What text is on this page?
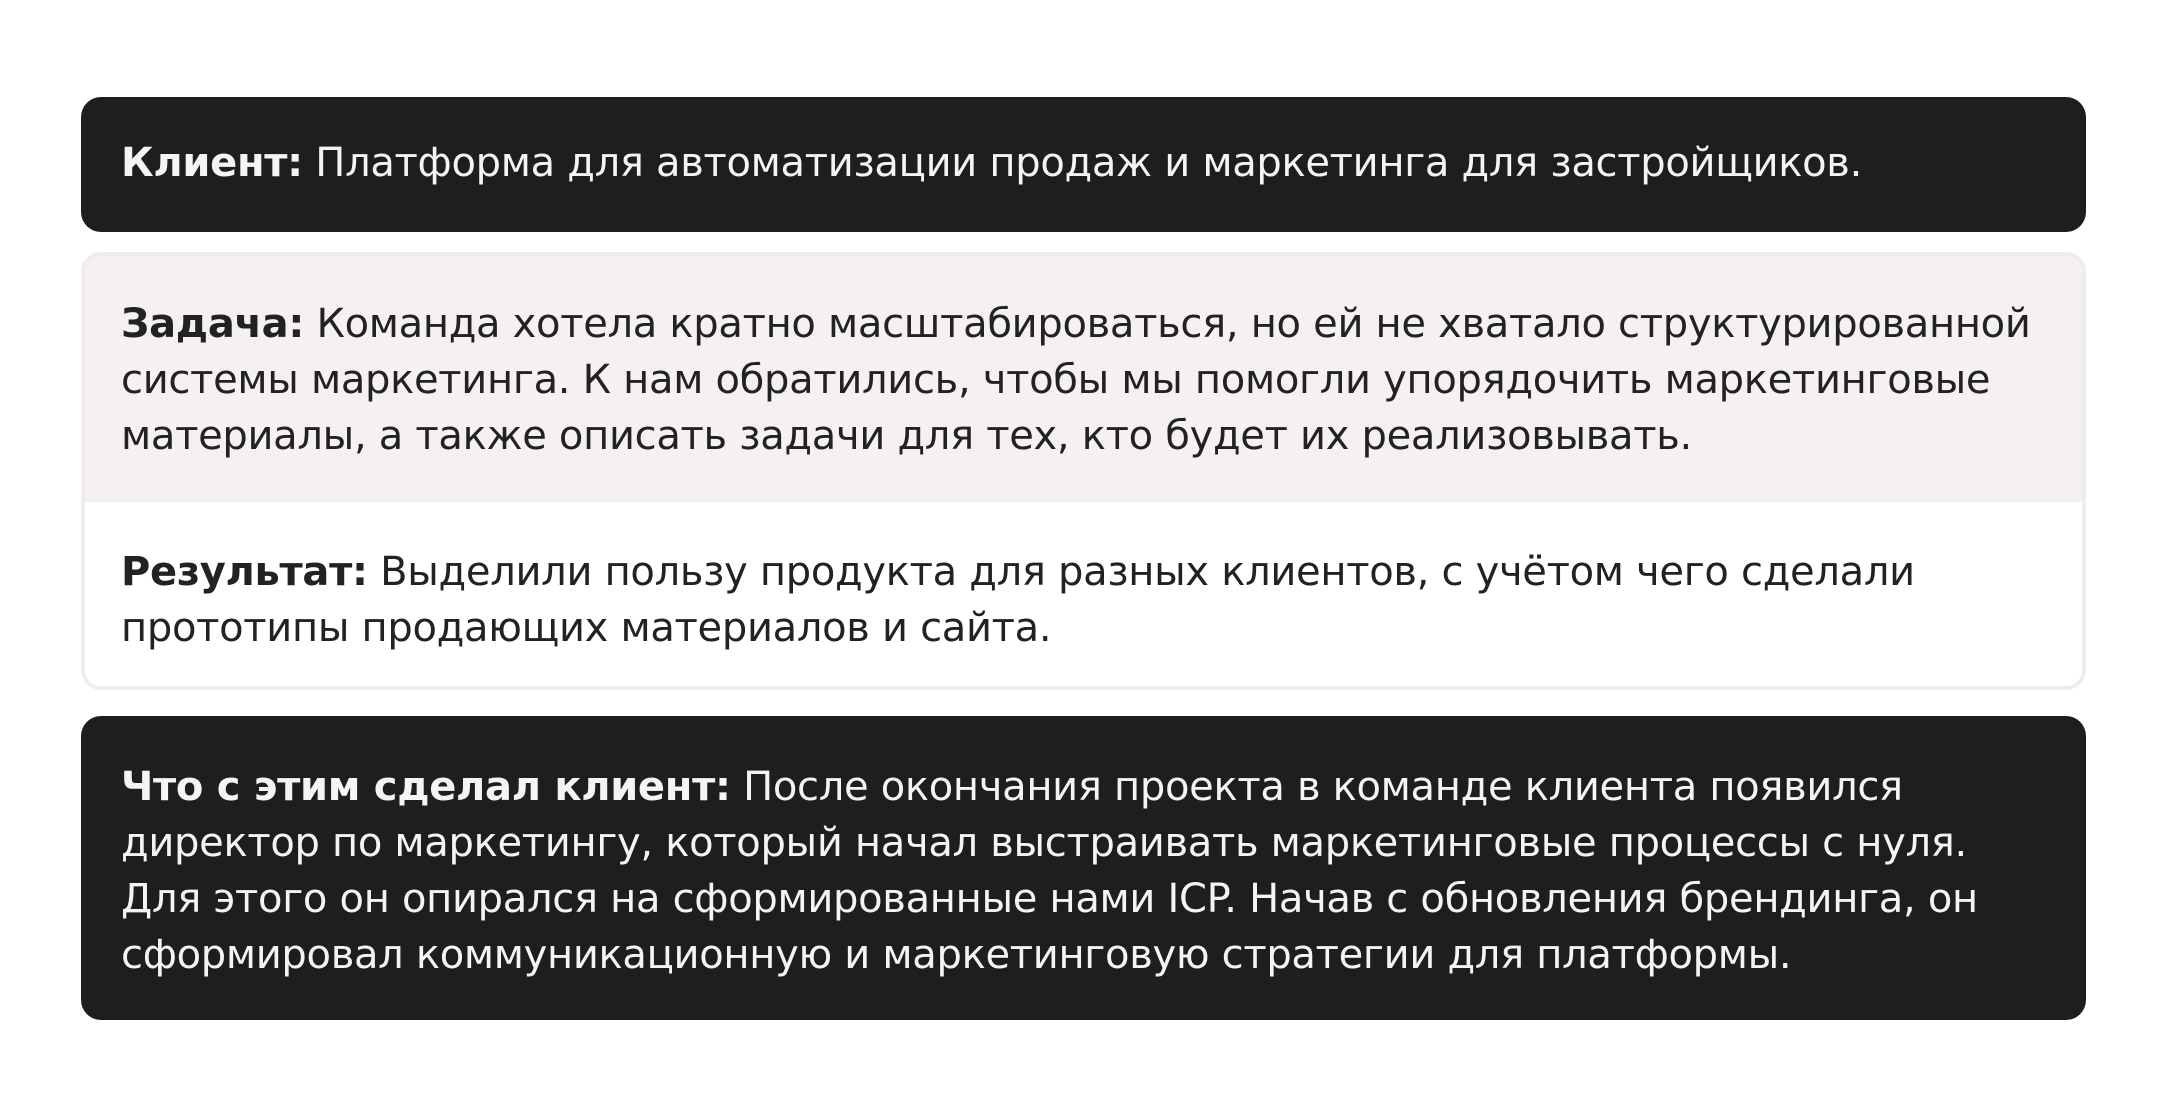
Клиент: Платформа для автоматизации продаж и маркетинга для застройщиков.

Задача: Команда хотела кратно масштабироваться, но ей не хватало структурированной системы маркетинга. К нам обратились, чтобы мы помогли упорядочить маркетинговые материалы, а также описать задачи для тех, кто будет их реализовывать.

Результат: Выделили пользу продукта для разных клиентов, с учётом чего сделали прототипы продающих материалов и сайта.

Что с этим сделал клиент: После окончания проекта в команде клиента появился директор по маркетингу, который начал выстраивать маркетинговые процессы с нуля. Для этого он опирался на сформированные нами ICP. Начав с обновления брендинга, он сформировал коммуникационную и маркетинговую стратегии для платформы.
